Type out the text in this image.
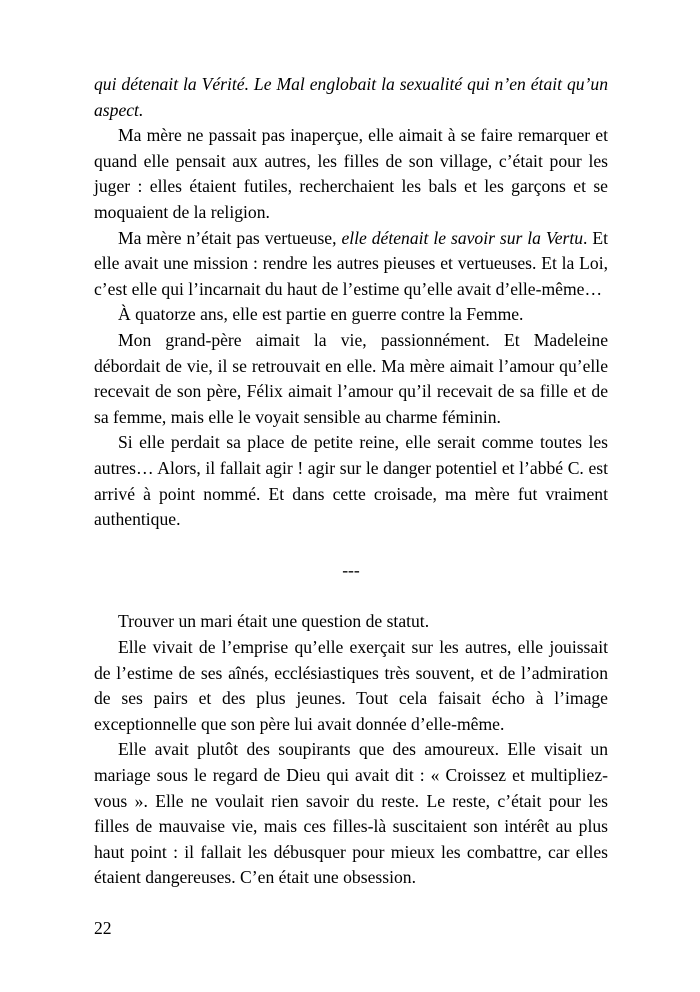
qui détenait la Vérité. Le Mal englobait la sexualité qui n’en était qu’un aspect.

Ma mère ne passait pas inaperçue, elle aimait à se faire remarquer et quand elle pensait aux autres, les filles de son village, c’était pour les juger : elles étaient futiles, recherchaient les bals et les garçons et se moquaient de la religion.

Ma mère n’était pas vertueuse, elle détenait le savoir sur la Vertu. Et elle avait une mission : rendre les autres pieuses et vertueuses. Et la Loi, c’est elle qui l’incarnait du haut de l’estime qu’elle avait d’elle-même…

À quatorze ans, elle est partie en guerre contre la Femme.

Mon grand-père aimait la vie, passionnément. Et Madeleine débordait de vie, il se retrouvait en elle. Ma mère aimait l’amour qu’elle recevait de son père, Félix aimait l’amour qu’il recevait de sa fille et de sa femme, mais elle le voyait sensible au charme féminin.

Si elle perdait sa place de petite reine, elle serait comme toutes les autres… Alors, il fallait agir ! agir sur le danger potentiel et l’abbé C. est arrivé à point nommé. Et dans cette croisade, ma mère fut vraiment authentique.

---

Trouver un mari était une question de statut.

Elle vivait de l’emprise qu’elle exerçait sur les autres, elle jouissait de l’estime de ses aînés, ecclésiastiques très souvent, et de l’admiration de ses pairs et des plus jeunes. Tout cela faisait écho à l’image exceptionnelle que son père lui avait donnée d’elle-même.

Elle avait plutôt des soupirants que des amoureux. Elle visait un mariage sous le regard de Dieu qui avait dit : « Croissez et multipliez-vous ». Elle ne voulait rien savoir du reste. Le reste, c’était pour les filles de mauvaise vie, mais ces filles-là suscitaient son intérêt au plus haut point : il fallait les débusquer pour mieux les combattre, car elles étaient dangereuses. C’en était une obsession.

22
